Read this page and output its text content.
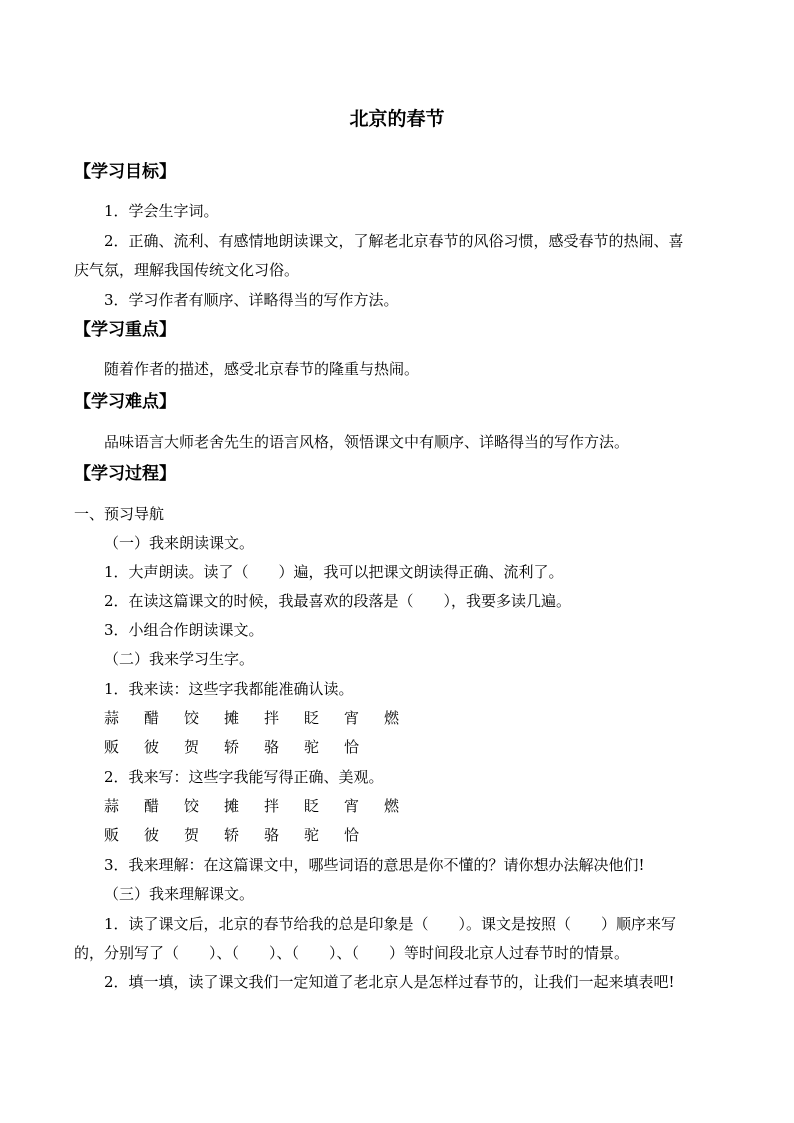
北京的春节
【学习目标】
1．学会生字词。
2．正确、流利、有感情地朗读课文，了解老北京春节的风俗习惯，感受春节的热闹、喜
庆气氛，理解我国传统文化习俗。
3．学习作者有顺序、详略得当的写作方法。
【学习重点】
随着作者的描述，感受北京春节的隆重与热闹。
【学习难点】
品味语言大师老舍先生的语言风格，领悟课文中有顺序、详略得当的写作方法。
【学习过程】
一、预习导航
（一）我来朗读课文。
1．大声朗读。读了（　　）遍，我可以把课文朗读得正确、流利了。
2．在读这篇课文的时候，我最喜欢的段落是（　　），我要多读几遍。
3．小组合作朗读课文。
（二）我来学习生字。
1．我来读：这些字我都能准确认读。
蒜 醋 饺 摊 拌 眨 宵 燃
贩 彼 贺 轿 骆 驼 恰
2．我来写：这些字我能写得正确、美观。
蒜 醋 饺 摊 拌 眨 宵 燃
贩 彼 贺 轿 骆 驼 恰
3．我来理解：在这篇课文中，哪些词语的意思是你不懂的？请你想办法解决他们!
（三）我来理解课文。
1．读了课文后，北京的春节给我的总是印象是（　　）。课文是按照（　　）顺序来写
的，分别写了（　　）、（　　）、（　　）、（　　）等时间段北京人过春节时的情景。
2．填一填，读了课文我们一定知道了老北京人是怎样过春节的，让我们一起来填表吧!
